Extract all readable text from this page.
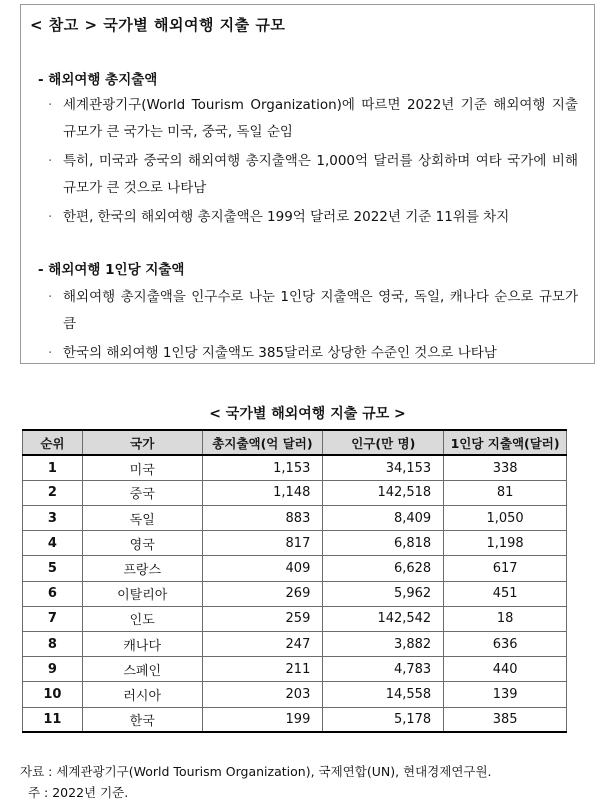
< 참고 > 국가별 해외여행 지출 규모
- 해외여행 총지출액
· 세계관광기구(World Tourism Organization)에 따르면 2022년 기준 해외여행 지출 규모가 큰 국가는 미국, 중국, 독일 순임
· 특히, 미국과 중국의 해외여행 총지출액은 1,000억 달러를 상회하며 여타 국가에 비해 규모가 큰 것으로 나타남
· 한편, 한국의 해외여행 총지출액은 199억 달러로 2022년 기준 11위를 차지
- 해외여행 1인당 지출액
· 해외여행 총지출액을 인구수로 나눈 1인당 지출액은 영국, 독일, 캐나다 순으로 규모가 큼
· 한국의 해외여행 1인당 지출액도 385달러로 상당한 수준인 것으로 나타남
< 국가별 해외여행 지출 규모 >
순위	국가	총지출액(억 달러)	인구(만 명)	1인당 지출액(달러)
1	미국	1,153	34,153	338
2	중국	1,148	142,518	81
3	독일	883	8,409	1,050
4	영국	817	6,818	1,198
5	프랑스	409	6,628	617
6	이탈리아	269	5,962	451
7	인도	259	142,542	18
8	캐나다	247	3,882	636
9	스페인	211	4,783	440
10	러시아	203	14,558	139
11	한국	199	5,178	385
자료 : 세계관광기구(World Tourism Organization), 국제연합(UN), 현대경제연구원.
주 : 2022년 기준.
